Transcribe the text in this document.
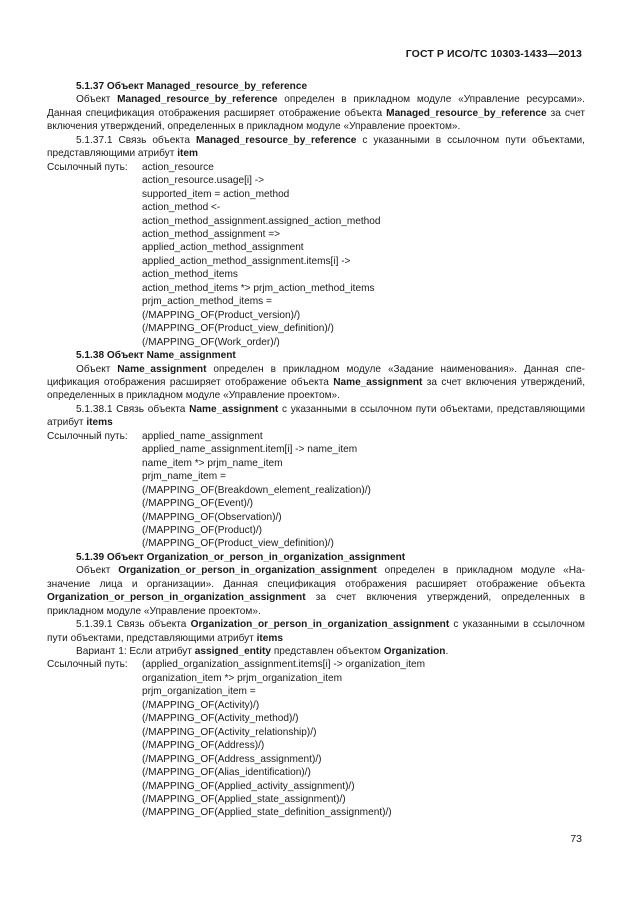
ГОСТ Р ИСО/ТС 10303-1433—2013

5.1.37 Объект Managed_resource_by_reference

Объект Managed_resource_by_reference определен в прикладном модуле «Управление ресурсами». Данная спецификация отображения расширяет отображение объекта Managed_resource_by_reference за счет включения утверждений, определенных в прикладном модуле «Управление проектом».

5.1.37.1 Связь объекта Managed_resource_by_reference с указанными в ссылочном пути объектами, представляющими атрибут item

Ссылочный путь:	action_resource
action_resource.usage[i] ->
supported_item = action_method
action_method <-
action_method_assignment.assigned_action_method
action_method_assignment =>
applied_action_method_assignment
applied_action_method_assignment.items[i] ->
action_method_items
action_method_items *> prjm_action_method_items
prjm_action_method_items =
(/MAPPING_OF(Product_version)/)
(/MAPPING_OF(Product_view_definition)/)
(/MAPPING_OF(Work_order)/)

5.1.38 Объект Name_assignment

Объект Name_assignment определен в прикладном модуле «Задание наименования». Данная спецификация отображения расширяет отображение объекта Name_assignment за счет включения утверждений, определенных в прикладном модуле «Управление проектом».

5.1.38.1 Связь объекта Name_assignment с указанными в ссылочном пути объектами, представляющими атрибут items

Ссылочный путь:	applied_name_assignment
applied_name_assignment.item[i] -> name_item
name_item *> prjm_name_item
prjm_name_item =
(/MAPPING_OF(Breakdown_element_realization)/)
(/MAPPING_OF(Event)/)
(/MAPPING_OF(Observation)/)
(/MAPPING_OF(Product)/)
(/MAPPING_OF(Product_view_definition)/)

5.1.39 Объект Organization_or_person_in_organization_assignment

Объект Organization_or_person_in_organization_assignment определен в прикладном модуле «Назначение лица и организации». Данная спецификация отображения расширяет отображение объекта Organization_or_person_in_organization_assignment за счет включения утверждений, определенных в прикладном модуле «Управление проектом».

5.1.39.1 Связь объекта Organization_or_person_in_organization_assignment с указанными в ссылочном пути объектами, представляющими атрибут items

Вариант 1: Если атрибут assigned_entity представлен объектом Organization.

Ссылочный путь:	(applied_organization_assignment.items[i] -> organization_item
organization_item *> prjm_organization_item
prjm_organization_item =
(/MAPPING_OF(Activity)/)
(/MAPPING_OF(Activity_method)/)
(/MAPPING_OF(Activity_relationship)/)
(/MAPPING_OF(Address)/)
(/MAPPING_OF(Address_assignment)/)
(/MAPPING_OF(Alias_identification)/)
(/MAPPING_OF(Applied_activity_assignment)/)
(/MAPPING_OF(Applied_state_assignment)/)
(/MAPPING_OF(Applied_state_definition_assignment)/)
73
